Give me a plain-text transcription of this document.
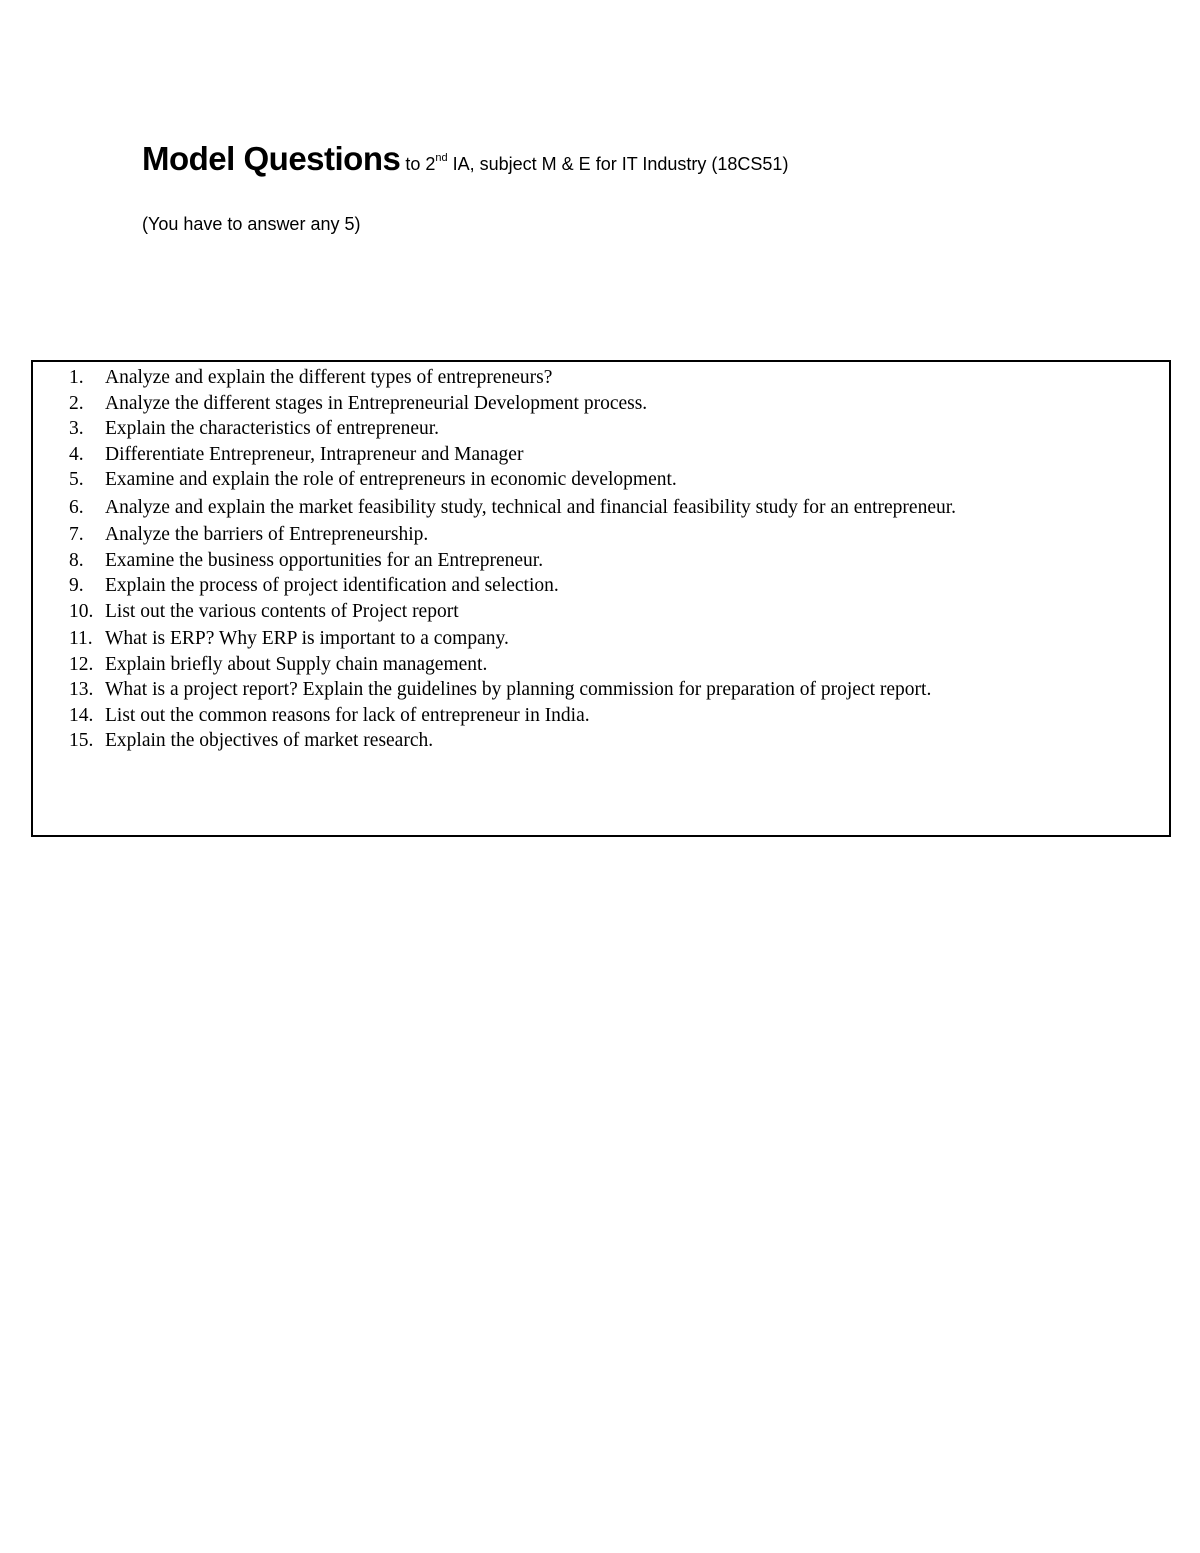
Model Questions to 2nd IA, subject M & E for IT Industry (18CS51)
(You have to answer any 5)
1.	Analyze and explain the different types of entrepreneurs?
2.	Analyze the different stages in Entrepreneurial Development process.
3.	Explain the characteristics of entrepreneur.
4.	Differentiate Entrepreneur, Intrapreneur and Manager
5.	Examine and explain the role of entrepreneurs in economic development.
6.	Analyze and explain the market feasibility study, technical and financial feasibility study for an entrepreneur.
7.	Analyze the barriers of Entrepreneurship.
8.	Examine the business opportunities for an Entrepreneur.
9.	Explain the process of project identification and selection.
10. List out the various contents of Project report
11. What is ERP? Why ERP is important to a company.
12. Explain briefly about Supply chain management.
13. What is a project report? Explain the guidelines by planning commission for preparation of project report.
14. List out the common reasons for lack of entrepreneur in India.
15. Explain the objectives of market research.
